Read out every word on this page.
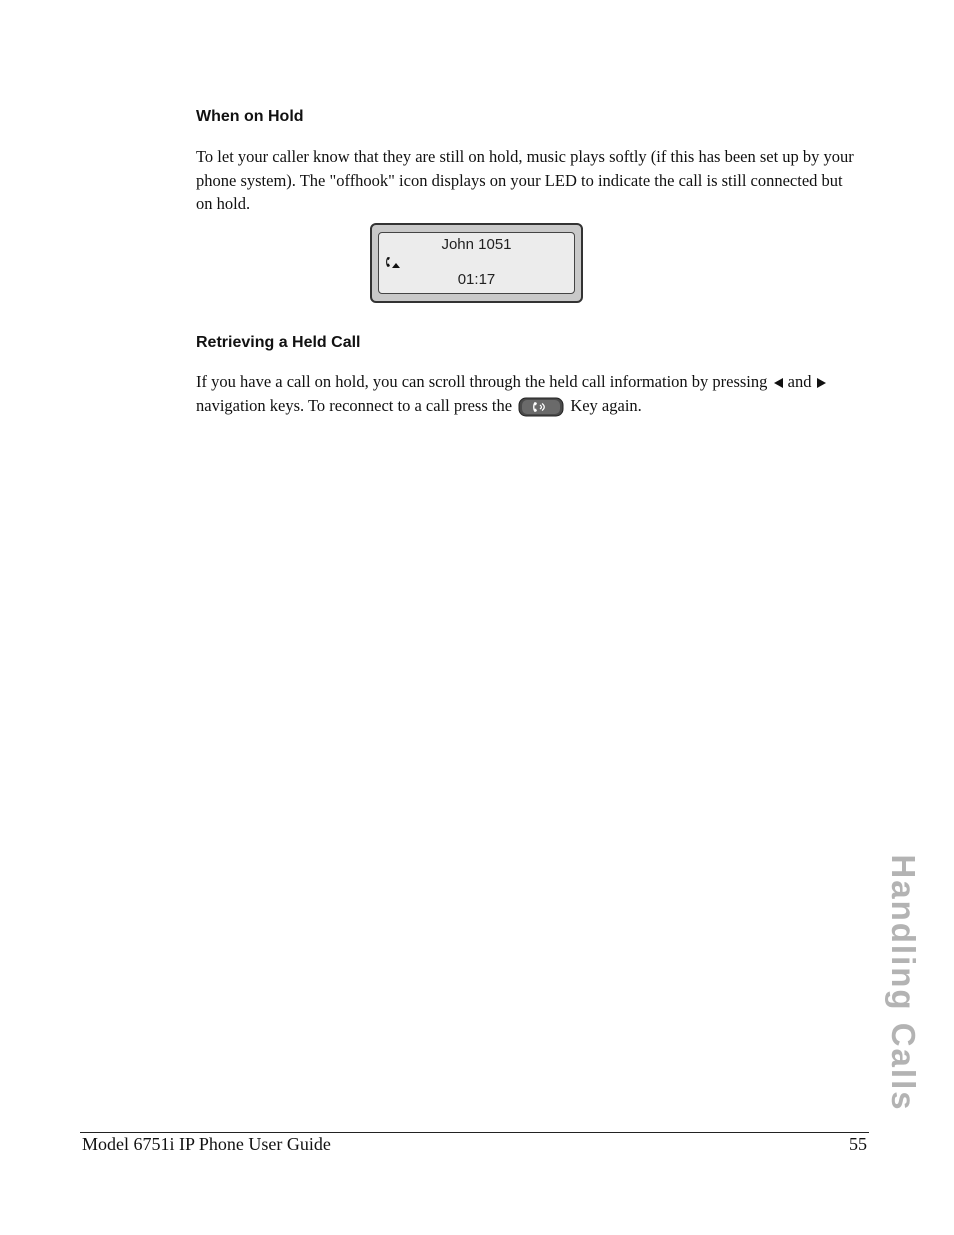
When on Hold

To let your caller know that they are still on hold, music plays softly (if this has been set up by your phone system). The "offhook" icon displays on your LED to indicate the call is still connected but on hold.

John 1051
01:17
Retrieving a Held Call

If you have a call on hold, you can scroll through the held call information by pressing and
navigation keys. To reconnect to a call press the	Key again.

Handling Calls
Model 6751i IP Phone User Guide	55
